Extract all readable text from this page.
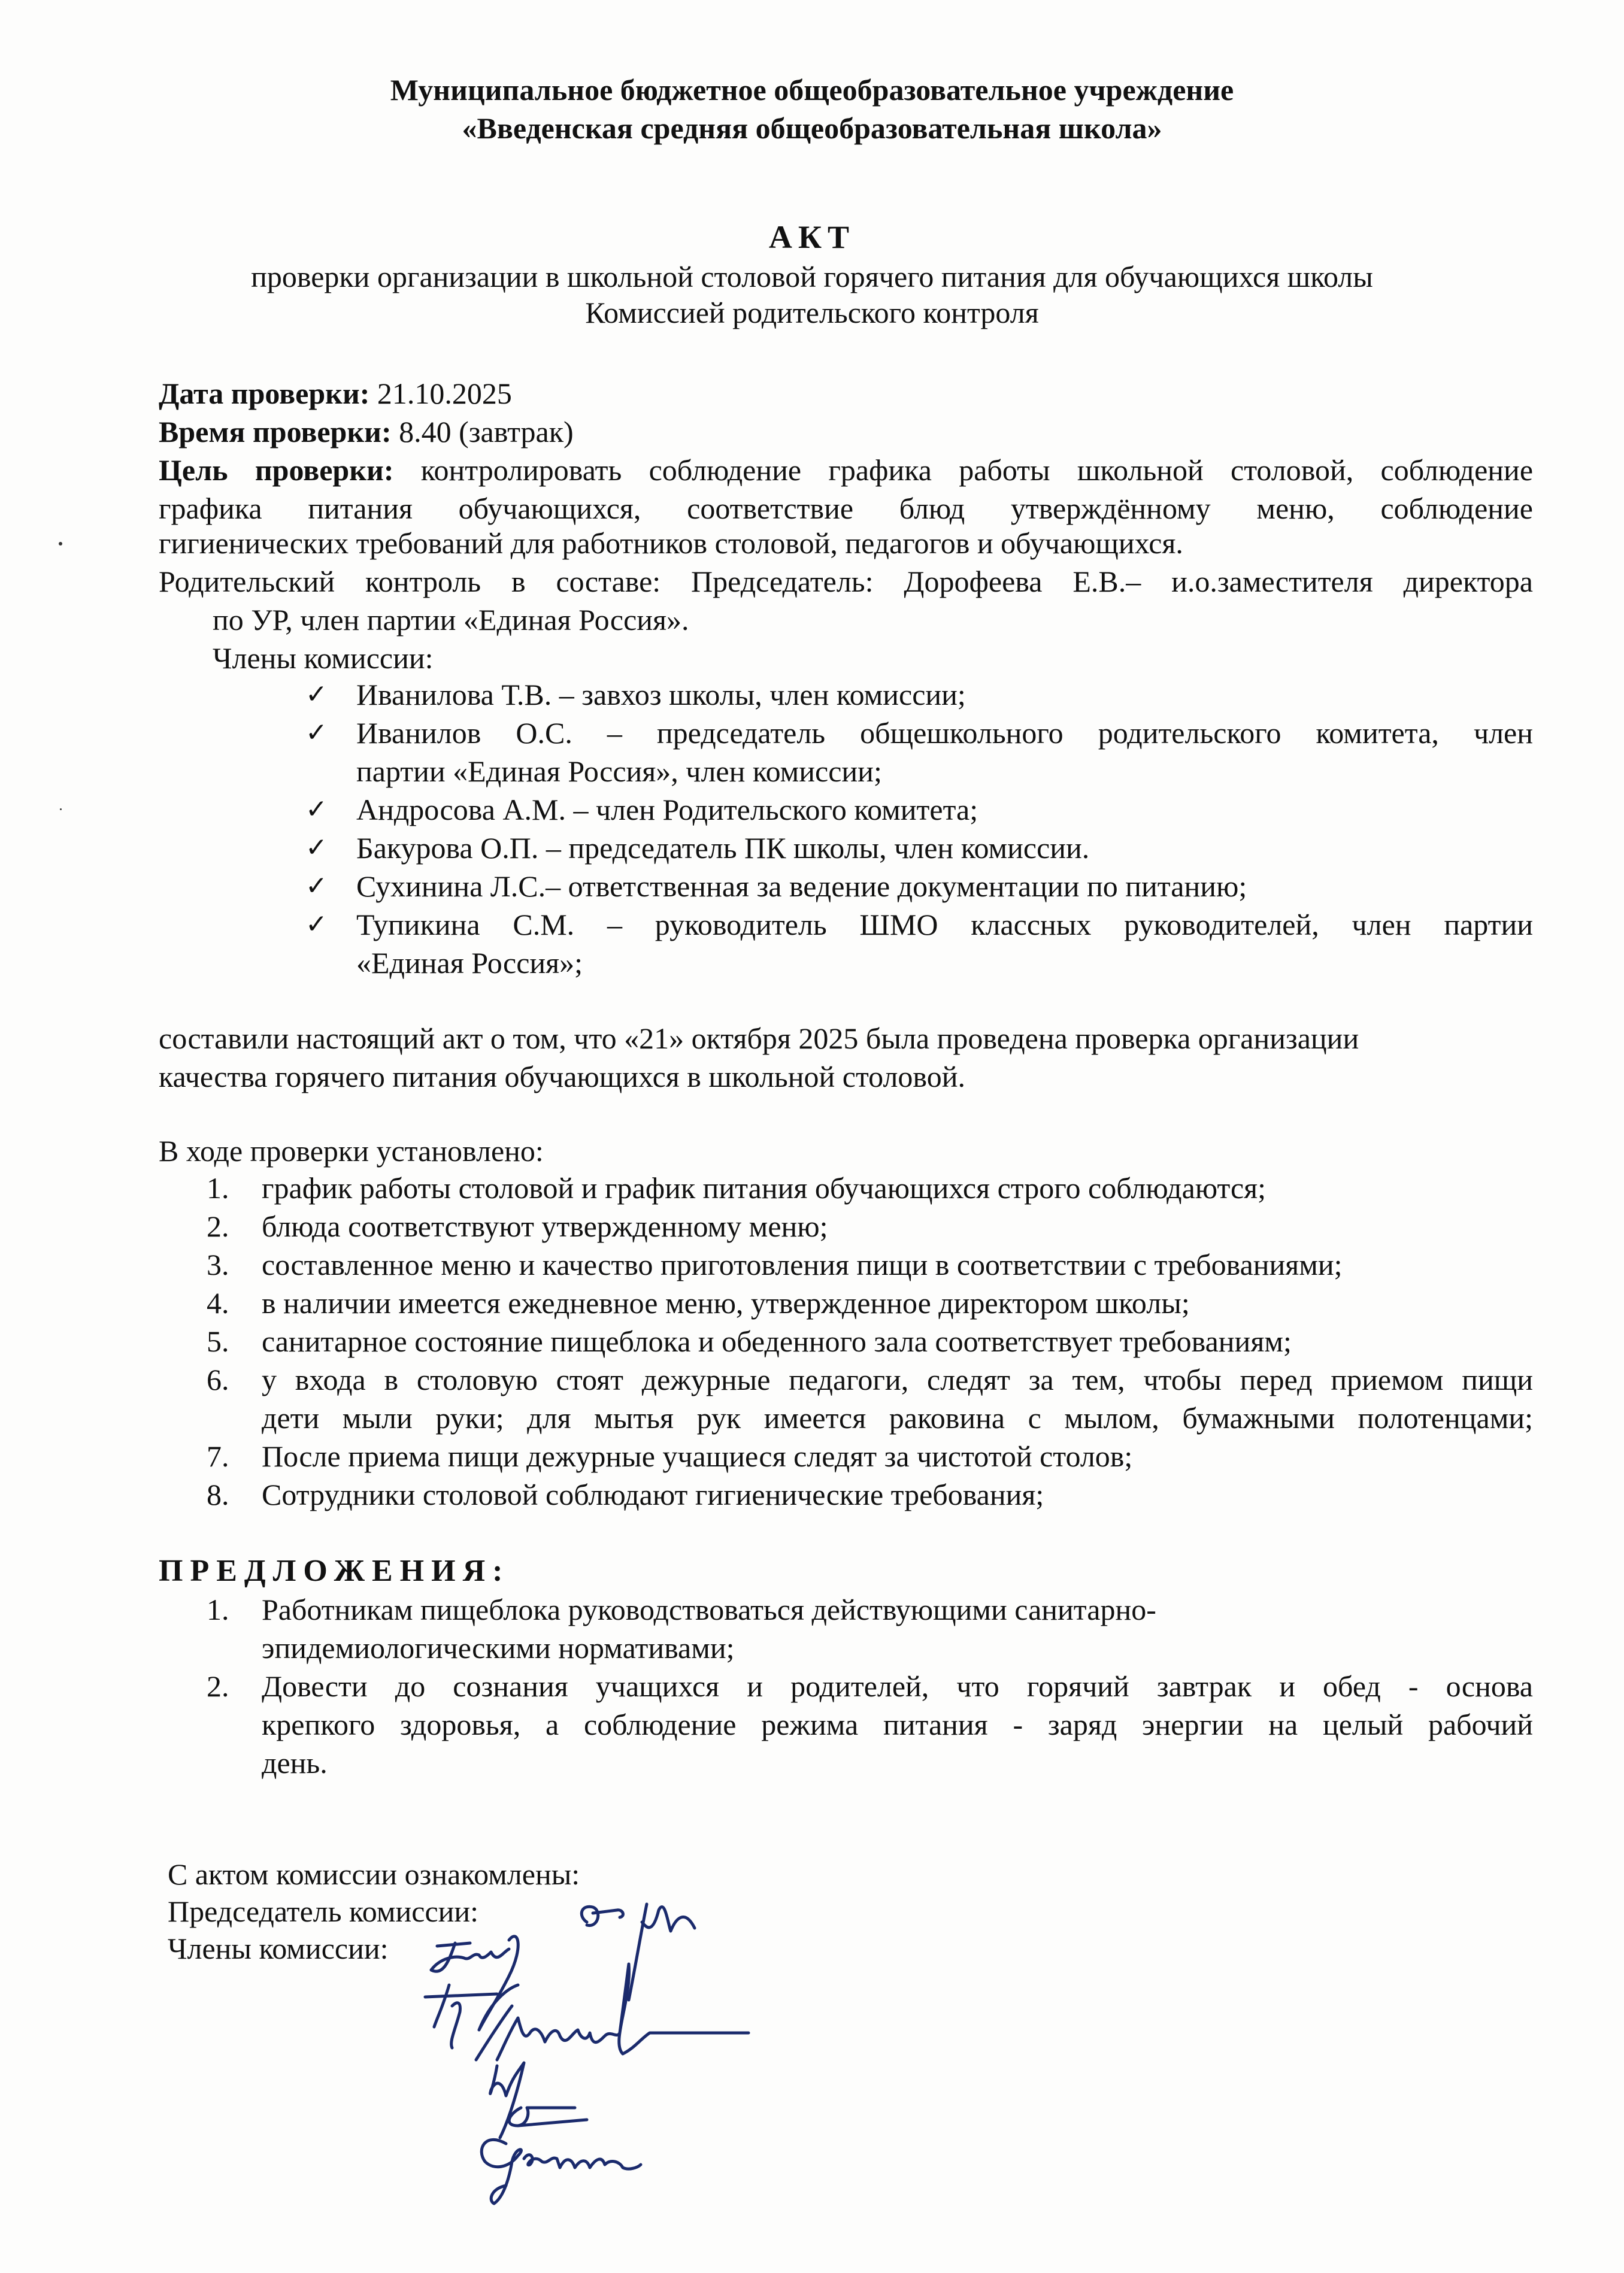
Муниципальное бюджетное общеобразовательное учреждение
«Введенская средняя общеобразовательная школа»
АКТ
проверки организации в школьной столовой горячего питания для обучающихся школы
Комиссией родительского контроля
Дата проверки: 21.10.2025
Время проверки: 8.40 (завтрак)
Цель проверки: контролировать соблюдение графика работы школьной столовой, соблюдение
графика питания обучающихся, соответствие блюд утверждённому меню, соблюдение
гигиенических требований для работников столовой, педагогов и обучающихся.
Родительский контроль в составе: Председатель: Дорофеева Е.В.– и.о.заместителя директора
по УР, член партии «Единая Россия».
Члены комиссии:
✓ Иванилова Т.В. – завхоз школы, член комиссии;
✓ Иванилов О.С. – председатель общешкольного родительского комитета, член
партии «Единая Россия», член комиссии;
✓ Андросова А.М. – член Родительского комитета;
✓ Бакурова О.П. – председатель ПК школы, член комиссии.
✓ Сухинина Л.С.– ответственная за ведение документации по питанию;
✓ Тупикина С.М. – руководитель ШМО классных руководителей, член партии
«Единая Россия»;
составили настоящий акт о том, что «21» октября 2025 была проведена проверка организации
качества горячего питания обучающихся в школьной столовой.
В ходе проверки установлено:
1.	график работы столовой и график питания обучающихся строго соблюдаются;
2.	блюда соответствуют утвержденному меню;
3.	составленное меню и качество приготовления пищи в соответствии с требованиями;
4.	в наличии имеется ежедневное меню, утвержденное директором школы;
5.	санитарное состояние пищеблока и обеденного зала соответствует требованиям;
6.	у входа в столовую стоят дежурные педагоги, следят за тем, чтобы перед приемом пищи
дети мыли руки; для мытья рук имеется раковина с мылом, бумажными полотенцами;
7.	После приема пищи дежурные учащиеся следят за чистотой столов;
8.	Сотрудники столовой соблюдают гигиенические требования;
ПРЕДЛОЖЕНИЯ:
1.	Работникам пищеблока руководствоваться действующими санитарно-
эпидемиологическими нормативами;
2.	Довести до сознания учащихся и родителей, что горячий завтрак и обед - основа
крепкого здоровья, а соблюдение режима питания - заряд энергии на целый рабочий
день.
С актом комиссии ознакомлены:
Председатель комиссии:
Члены комиссии:
